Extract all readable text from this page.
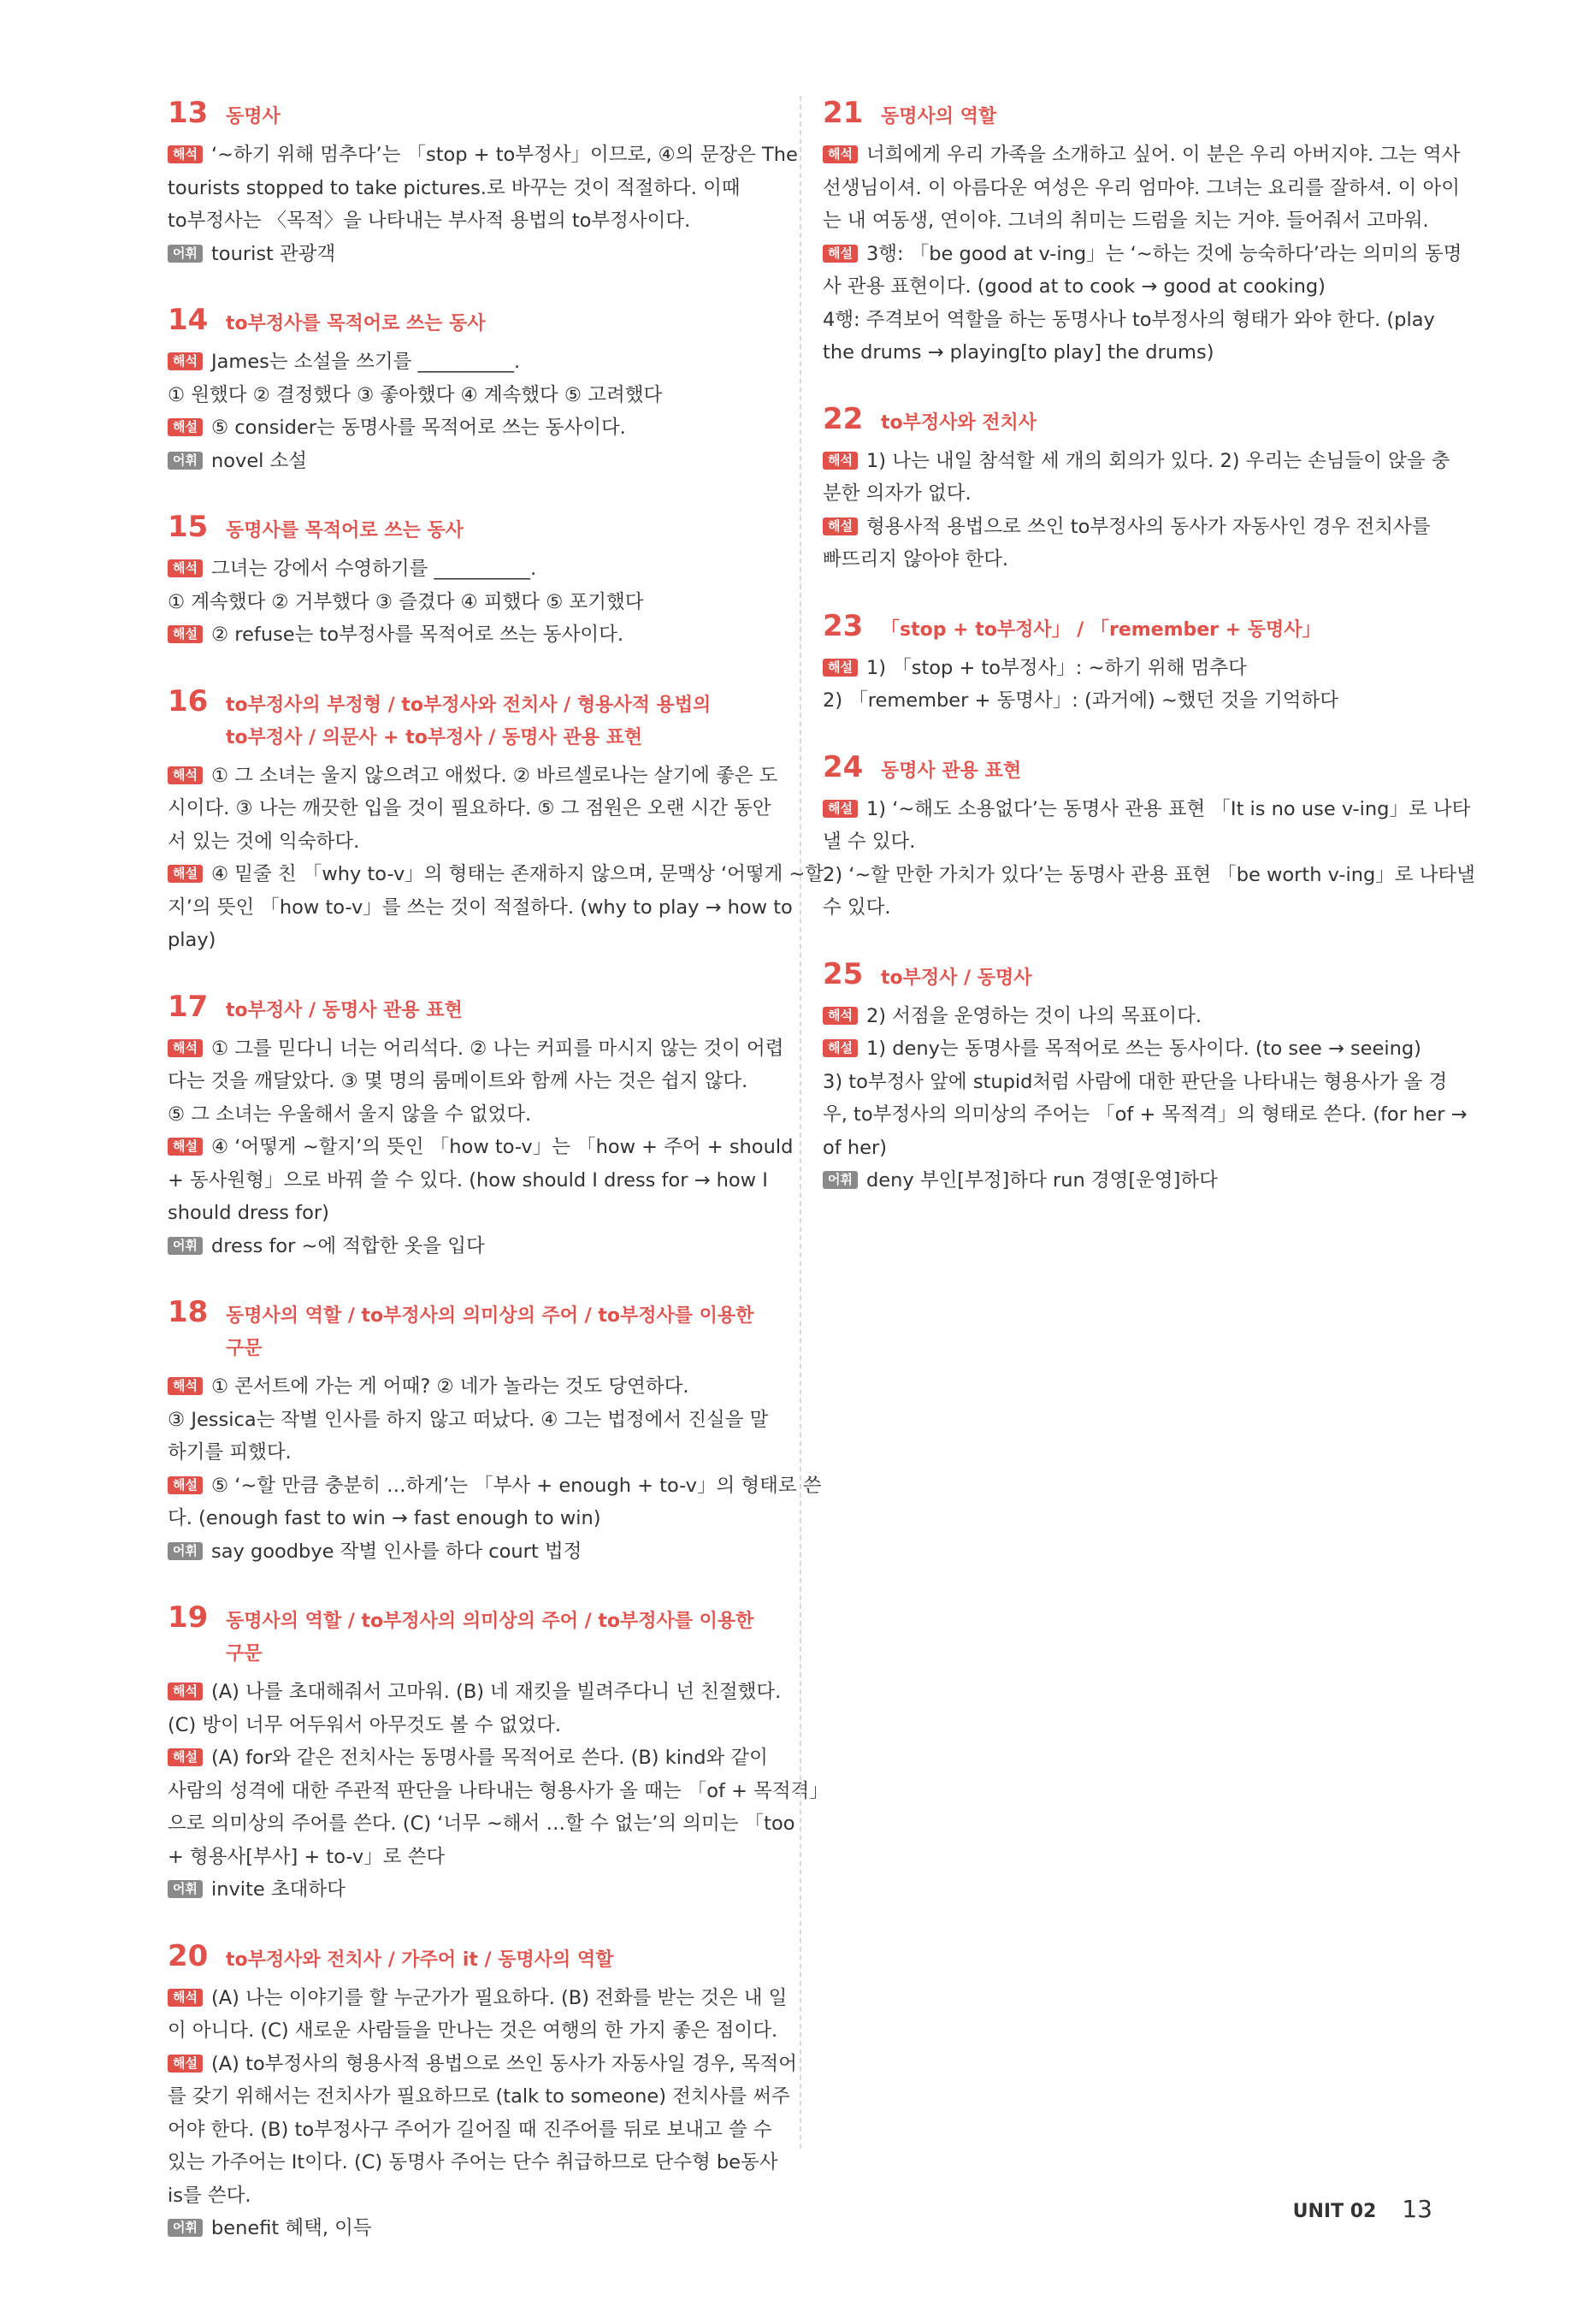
13 동명사
해석 ‘~하기 위해 멈추다’는 「stop + to부정사」이므로, ④의 문장은 The
tourists stopped to take pictures.로 바꾸는 것이 적절하다. 이때
to부정사는 〈목적〉을 나타내는 부사적 용법의 to부정사이다.
어휘 tourist 관광객
14 to부정사를 목적어로 쓰는 동사
해석 James는 소설을 쓰기를 __________.
① 원했다 ② 결정했다 ③ 좋아했다 ④ 계속했다 ⑤ 고려했다
해설 ⑤ consider는 동명사를 목적어로 쓰는 동사이다.
어휘 novel 소설
15 동명사를 목적어로 쓰는 동사
해석 그녀는 강에서 수영하기를 __________.
① 계속했다 ② 거부했다 ③ 즐겼다 ④ 피했다 ⑤ 포기했다
해설 ② refuse는 to부정사를 목적어로 쓰는 동사이다.
16 to부정사의 부정형 / to부정사와 전치사 / 형용사적 용법의
to부정사 / 의문사 + to부정사 / 동명사 관용 표현
해석 ① 그 소녀는 울지 않으려고 애썼다. ② 바르셀로나는 살기에 좋은 도
시이다. ③ 나는 깨끗한 입을 것이 필요하다. ⑤ 그 점원은 오랜 시간 동안
서 있는 것에 익숙하다.
해설 ④ 밑줄 친 「why to-v」의 형태는 존재하지 않으며, 문맥상 ‘어떻게 ~할
지’의 뜻인 「how to-v」를 쓰는 것이 적절하다. (why to play → how to
play)
17 to부정사 / 동명사 관용 표현
해석 ① 그를 믿다니 너는 어리석다. ② 나는 커피를 마시지 않는 것이 어렵
다는 것을 깨달았다. ③ 몇 명의 룸메이트와 함께 사는 것은 쉽지 않다.
⑤ 그 소녀는 우울해서 울지 않을 수 없었다.
해설 ④ ‘어떻게 ~할지’의 뜻인 「how to-v」는 「how + 주어 + should
+ 동사원형」으로 바꿔 쓸 수 있다. (how should I dress for → how I
should dress for)
어휘 dress for ~에 적합한 옷을 입다
18 동명사의 역할 / to부정사의 의미상의 주어 / to부정사를 이용한 구문
해석 ① 콘서트에 가는 게 어때? ② 네가 놀라는 것도 당연하다.
③ Jessica는 작별 인사를 하지 않고 떠났다. ④ 그는 법정에서 진실을 말
하기를 피했다.
해설 ⑤ ‘~할 만큼 충분히 …하게’는 「부사 + enough + to-v」의 형태로 쓴
다. (enough fast to win → fast enough to win)
어휘 say goodbye 작별 인사를 하다 court 법정
19 동명사의 역할 / to부정사의 의미상의 주어 / to부정사를 이용한 구문
해석 (A) 나를 초대해줘서 고마워. (B) 네 재킷을 빌려주다니 넌 친절했다.
(C) 방이 너무 어두워서 아무것도 볼 수 없었다.
해설 (A) for와 같은 전치사는 동명사를 목적어로 쓴다. (B) kind와 같이
사람의 성격에 대한 주관적 판단을 나타내는 형용사가 올 때는 「of + 목적격」
으로 의미상의 주어를 쓴다. (C) ‘너무 ~해서 …할 수 없는’의 의미는 「too
+ 형용사[부사] + to-v」로 쓴다
어휘 invite 초대하다
20 to부정사와 전치사 / 가주어 it / 동명사의 역할
해석 (A) 나는 이야기를 할 누군가가 필요하다. (B) 전화를 받는 것은 내 일
이 아니다. (C) 새로운 사람들을 만나는 것은 여행의 한 가지 좋은 점이다.
해설 (A) to부정사의 형용사적 용법으로 쓰인 동사가 자동사일 경우, 목적어
를 갖기 위해서는 전치사가 필요하므로 (talk to someone) 전치사를 써주
어야 한다. (B) to부정사구 주어가 길어질 때 진주어를 뒤로 보내고 쓸 수
있는 가주어는 It이다. (C) 동명사 주어는 단수 취급하므로 단수형 be동사
is를 쓴다.
어휘 benefit 혜택, 이득
21 동명사의 역할
해석 너희에게 우리 가족을 소개하고 싶어. 이 분은 우리 아버지야. 그는 역사
선생님이셔. 이 아름다운 여성은 우리 엄마야. 그녀는 요리를 잘하셔. 이 아이
는 내 여동생, 연이야. 그녀의 취미는 드럼을 치는 거야. 들어줘서 고마워.
해설 3행: 「be good at v-ing」는 ‘~하는 것에 능숙하다’라는 의미의 동명
사 관용 표현이다. (good at to cook → good at cooking)
4행: 주격보어 역할을 하는 동명사나 to부정사의 형태가 와야 한다. (play
the drums → playing[to play] the drums)
22 to부정사와 전치사
해석 1) 나는 내일 참석할 세 개의 회의가 있다. 2) 우리는 손님들이 앉을 충
분한 의자가 없다.
해설 형용사적 용법으로 쓰인 to부정사의 동사가 자동사인 경우 전치사를
빠뜨리지 않아야 한다.
23 「stop + to부정사」 / 「remember + 동명사」
해설 1) 「stop + to부정사」: ~하기 위해 멈추다
2) 「remember + 동명사」: (과거에) ~했던 것을 기억하다
24 동명사 관용 표현
해설 1) ‘~해도 소용없다’는 동명사 관용 표현 「It is no use v-ing」로 나타
낼 수 있다.
2) ‘~할 만한 가치가 있다’는 동명사 관용 표현 「be worth v-ing」로 나타낼
수 있다.
25 to부정사 / 동명사
해석 2) 서점을 운영하는 것이 나의 목표이다.
해설 1) deny는 동명사를 목적어로 쓰는 동사이다. (to see → seeing)
3) to부정사 앞에 stupid처럼 사람에 대한 판단을 나타내는 형용사가 올 경
우, to부정사의 의미상의 주어는 「of + 목적격」의 형태로 쓴다. (for her →
of her)
어휘 deny 부인[부정]하다 run 경영[운영]하다
UNIT 02 13
